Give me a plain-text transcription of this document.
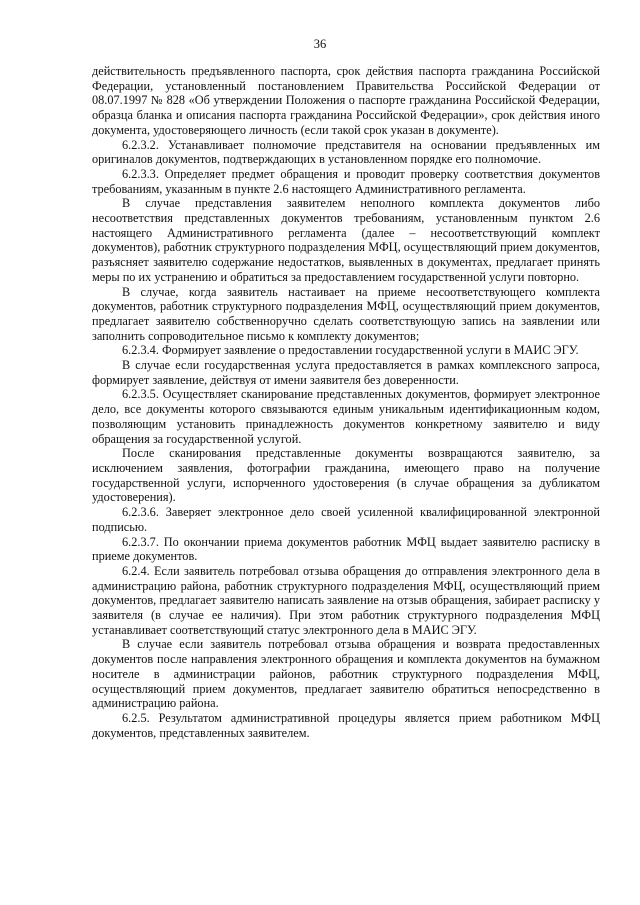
36

действительность предъявленного паспорта, срок действия паспорта гражданина Российской Федерации, установленный постановлением Правительства Российской Федерации от 08.07.1997 № 828 «Об утверждении Положения о паспорте гражданина Российской Федерации, образца бланка и описания паспорта гражданина Российской Федерации», срок действия иного документа, удостоверяющего личность (если такой срок указан в документе).

6.2.3.2. Устанавливает полномочие представителя на основании предъявленных им оригиналов документов, подтверждающих в установленном порядке его полномочие.

6.2.3.3. Определяет предмет обращения и проводит проверку соответствия документов требованиям, указанным в пункте 2.6 настоящего Административного регламента.

В случае представления заявителем неполного комплекта документов либо несоответствия представленных документов требованиям, установленным пунктом 2.6 настоящего Административного регламента (далее – несоответствующий комплект документов), работник структурного подразделения МФЦ, осуществляющий прием документов, разъясняет заявителю содержание недостатков, выявленных в документах, предлагает принять меры по их устранению и обратиться за предоставлением государственной услуги повторно.

В случае, когда заявитель настаивает на приеме несоответствующего комплекта документов, работник структурного подразделения МФЦ, осуществляющий прием документов, предлагает заявителю собственноручно сделать соответствующую запись на заявлении или заполнить сопроводительное письмо к комплекту документов;

6.2.3.4. Формирует заявление о предоставлении государственной услуги в МАИС ЭГУ.

В случае если государственная услуга предоставляется в рамках комплексного запроса, формирует заявление, действуя от имени заявителя без доверенности.

6.2.3.5. Осуществляет сканирование представленных документов, формирует электронное дело, все документы которого связываются единым уникальным идентификационным кодом, позволяющим установить принадлежность документов конкретному заявителю и виду обращения за государственной услугой.

После сканирования представленные документы возвращаются заявителю, за исключением заявления, фотографии гражданина, имеющего право на получение государственной услуги, испорченного удостоверения (в случае обращения за дубликатом удостоверения).

6.2.3.6. Заверяет электронное дело своей усиленной квалифицированной электронной подписью.

6.2.3.7. По окончании приема документов работник МФЦ выдает заявителю расписку в приеме документов.

6.2.4. Если заявитель потребовал отзыва обращения до отправления электронного дела в администрацию района, работник структурного подразделения МФЦ, осуществляющий прием документов, предлагает заявителю написать заявление на отзыв обращения, забирает расписку у заявителя (в случае ее наличия). При этом работник структурного подразделения МФЦ устанавливает соответствующий статус электронного дела в МАИС ЭГУ.

В случае если заявитель потребовал отзыва обращения и возврата предоставленных документов после направления электронного обращения и комплекта документов на бумажном носителе в администрации районов, работник структурного подразделения МФЦ, осуществляющий прием документов, предлагает заявителю обратиться непосредственно в администрацию района.

6.2.5. Результатом административной процедуры является прием работником МФЦ документов, представленных заявителем.
